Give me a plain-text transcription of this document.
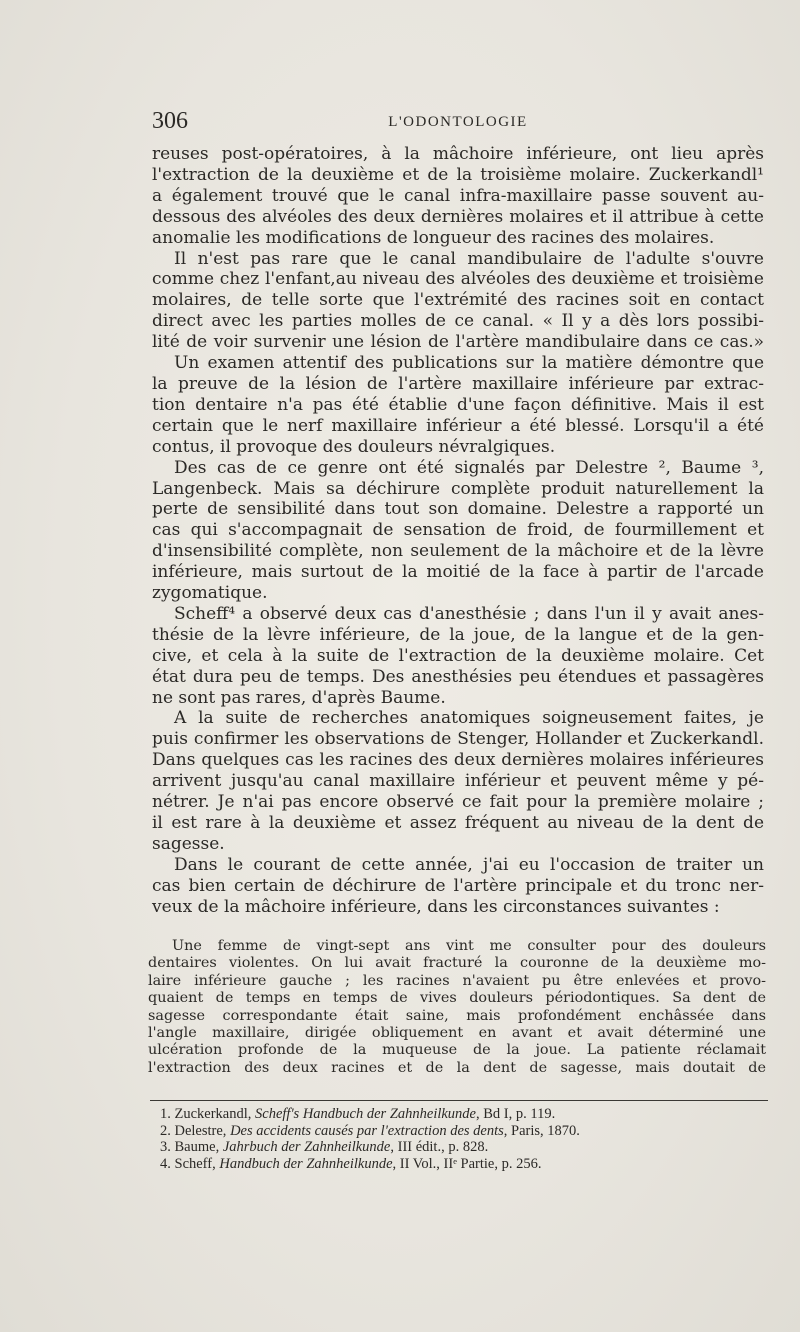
306	L'ODONTOLOGIE
reuses post-opératoires, à la mâchoire inférieure, ont lieu après
l'extraction de la deuxième et de la troisième molaire. Zuckerkandl¹
a également trouvé que le canal infra-maxillaire passe souvent au-
dessous des alvéoles des deux dernières molaires et il attribue à cette
anomalie les modifications de longueur des racines des molaires.
Il n'est pas rare que le canal mandibulaire de l'adulte s'ouvre
comme chez l'enfant,au niveau des alvéoles des deuxième et troisième
molaires, de telle sorte que l'extrémité des racines soit en contact
direct avec les parties molles de ce canal. « Il y a dès lors possibi-
lité de voir survenir une lésion de l'artère mandibulaire dans ce cas.»
Un examen attentif des publications sur la matière démontre que
la preuve de la lésion de l'artère maxillaire inférieure par extrac-
tion dentaire n'a pas été établie d'une façon définitive. Mais il est
certain que le nerf maxillaire inférieur a été blessé. Lorsqu'il a été
contus, il provoque des douleurs névralgiques.
Des cas de ce genre ont été signalés par Delestre ², Baume ³,
Langenbeck. Mais sa déchirure complète produit naturellement la
perte de sensibilité dans tout son domaine. Delestre a rapporté un
cas qui s'accompagnait de sensation de froid, de fourmillement et
d'insensibilité complète, non seulement de la mâchoire et de la lèvre
inférieure, mais surtout de la moitié de la face à partir de l'arcade
zygomatique.
Scheff⁴ a observé deux cas d'anesthésie ; dans l'un il y avait anes-
thésie de la lèvre inférieure, de la joue, de la langue et de la gen-
cive, et cela à la suite de l'extraction de la deuxième molaire. Cet
état dura peu de temps. Des anesthésies peu étendues et passagères
ne sont pas rares, d'après Baume.
A la suite de recherches anatomiques soigneusement faites, je
puis confirmer les observations de Stenger, Hollander et Zuckerkandl.
Dans quelques cas les racines des deux dernières molaires inférieures
arrivent jusqu'au canal maxillaire inférieur et peuvent même y pé-
nétrer. Je n'ai pas encore observé ce fait pour la première molaire ;
il est rare à la deuxième et assez fréquent au niveau de la dent de
sagesse.
Dans le courant de cette année, j'ai eu l'occasion de traiter un
cas bien certain de déchirure de l'artère principale et du tronc ner-
veux de la mâchoire inférieure, dans les circonstances suivantes :
Une femme de vingt-sept ans vint me consulter pour des douleurs
dentaires violentes. On lui avait fracturé la couronne de la deuxième mo-
laire inférieure gauche ; les racines n'avaient pu être enlevées et provo-
quaient de temps en temps de vives douleurs périodontiques. Sa dent de
sagesse correspondante était saine, mais profondément enchâssée dans
l'angle maxillaire, dirigée obliquement en avant et avait déterminé une
ulcération profonde de la muqueuse de la joue. La patiente réclamait
l'extraction des deux racines et de la dent de sagesse, mais doutait de
1. Zuckerkandl, Scheff's Handbuch der Zahnheilkunde, Bd I, p. 119.
2. Delestre, Des accidents causés par l'extraction des dents, Paris, 1870.
3. Baume, Jahrbuch der Zahnheilkunde, III édit., p. 828.
4. Scheff, Handbuch der Zahnheilkunde, II Vol., IIᵉ Partie, p. 256.
